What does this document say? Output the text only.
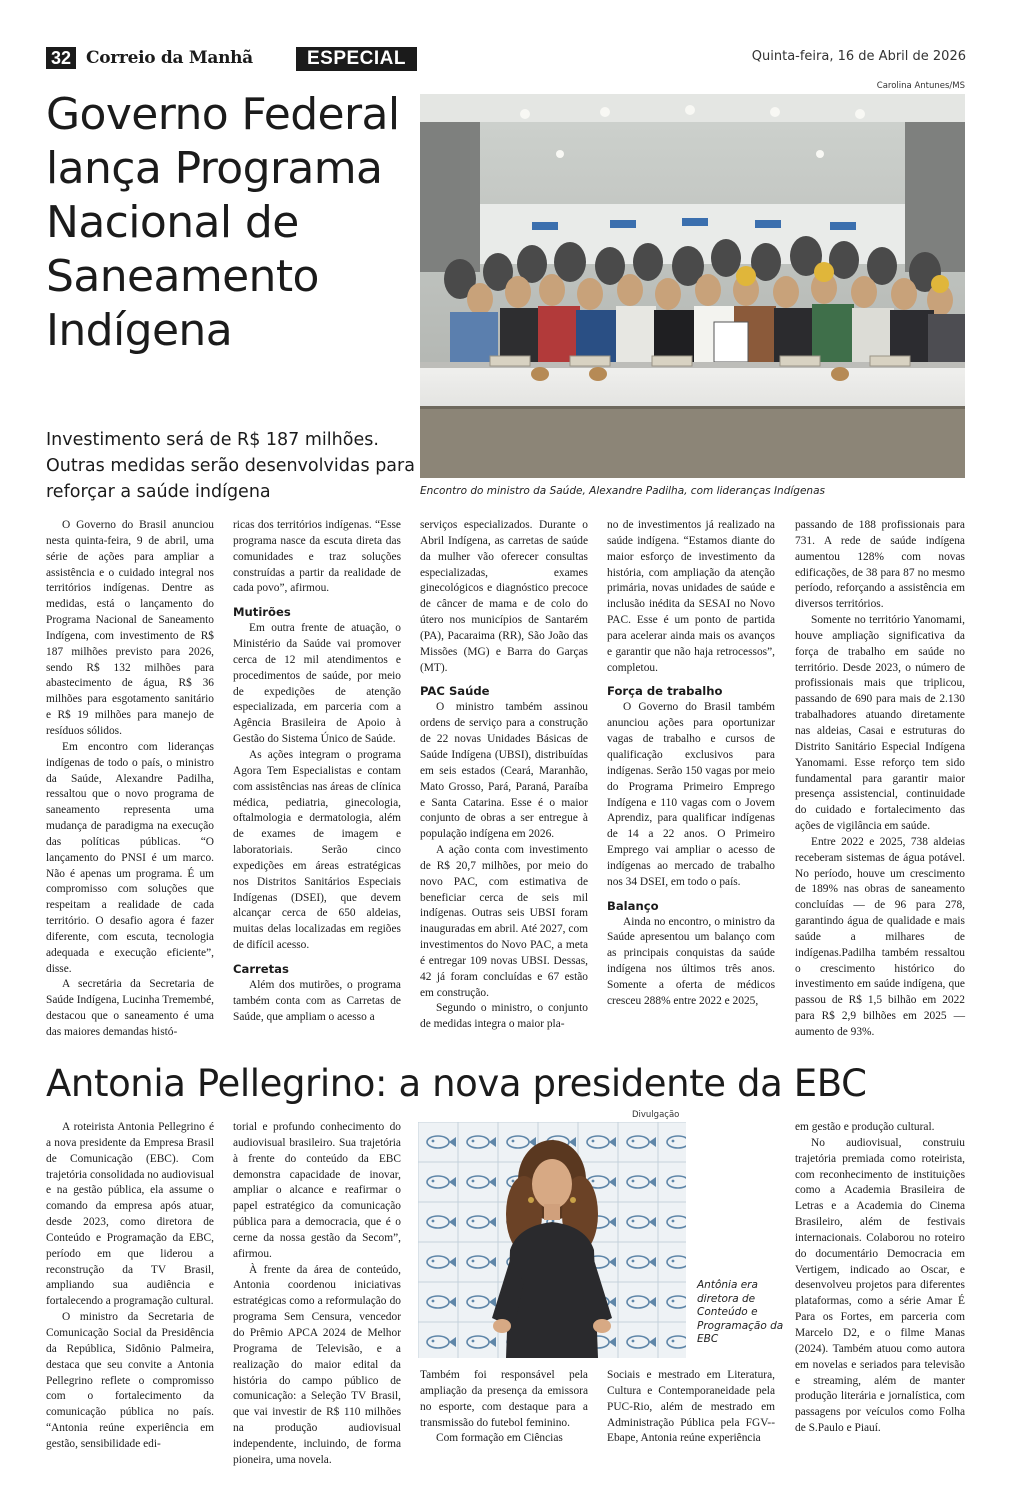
32 Correio da Manhã	ESPECIAL	Quinta-feira, 16 de Abril de 2026
Governo Federal lança Programa Nacional de Saneamento Indígena
Investimento será de R$ 187 milhões. Outras medidas serão desenvolvidas para reforçar a saúde indígena
Carolina Antunes/MS
Encontro do ministro da Saúde, Alexandre Padilha, com lideranças Indígenas

O Governo do Brasil anunciou nesta quinta-feira, 9 de abril, uma série de ações para ampliar a assistência e o cuidado integral nos territórios indígenas. Dentre as medidas, está o lançamento do Programa Nacional de Saneamento Indígena, com investimento de R$ 187 milhões previsto para 2026, sendo R$ 132 milhões para abastecimento de água, R$ 36 milhões para esgotamento sanitário e R$ 19 milhões para manejo de resíduos sólidos.

Em encontro com lideranças indígenas de todo o país, o ministro da Saúde, Alexandre Padilha, ressaltou que o novo programa de saneamento representa uma mudança de paradigma na execução das políticas públicas. “O lançamento do PNSI é um marco. Não é apenas um programa. É um compromisso com soluções que respeitam a realidade de cada território. O desafio agora é fazer diferente, com escuta, tecnologia adequada e execução eficiente”, disse.

A secretária da Secretaria de Saúde Indígena, Lucinha Tremembé, destacou que o saneamento é uma das maiores demandas histó-

ricas dos territórios indígenas. “Esse programa nasce da escuta direta das comunidades e traz soluções construídas a partir da realidade de cada povo”, afirmou.

Mutirões

Em outra frente de atuação, o Ministério da Saúde vai promover cerca de 12 mil atendimentos e procedimentos de saúde, por meio de expedições de atenção especializada, em parceria com a Agência Brasileira de Apoio à Gestão do Sistema Único de Saúde.

As ações integram o programa Agora Tem Especialistas e contam com assistências nas áreas de clínica médica, pediatria, ginecologia, oftalmologia e dermatologia, além de exames de imagem e laboratoriais. Serão cinco expedições em áreas estratégicas nos Distritos Sanitários Especiais Indígenas (DSEI), que devem alcançar cerca de 650 aldeias, muitas delas localizadas em regiões de difícil acesso.

Carretas

Além dos mutirões, o programa também conta com as Carretas de Saúde, que ampliam o acesso a

serviços especializados. Durante o Abril Indígena, as carretas de saúde da mulher vão oferecer consultas especializadas, exames ginecológicos e diagnóstico precoce de câncer de mama e de colo do útero nos municípios de Santarém (PA), Pacaraima (RR), São João das Missões (MG) e Barra do Garças (MT).

PAC Saúde

O ministro também assinou ordens de serviço para a construção de 22 novas Unidades Básicas de Saúde Indígena (UBSI), distribuídas em seis estados (Ceará, Maranhão, Mato Grosso, Pará, Paraná, Paraíba e Santa Catarina. Esse é o maior conjunto de obras a ser entregue à população indígena em 2026.

A ação conta com investimento de R$ 20,7 milhões, por meio do novo PAC, com estimativa de beneficiar cerca de seis mil indígenas. Outras seis UBSI foram inauguradas em abril. Até 2027, com investimentos do Novo PAC, a meta é entregar 109 novas UBSI. Dessas, 42 já foram concluídas e 67 estão em construção.

Segundo o ministro, o conjunto de medidas integra o maior pla-

no de investimentos já realizado na saúde indígena. “Estamos diante do maior esforço de investimento da história, com ampliação da atenção primária, novas unidades de saúde e inclusão inédita da SESAI no Novo PAC. Esse é um ponto de partida para acelerar ainda mais os avanços e garantir que não haja retrocessos”, completou.

Força de trabalho

O Governo do Brasil também anunciou ações para oportunizar vagas de trabalho e cursos de qualificação exclusivos para indígenas. Serão 150 vagas por meio do Programa Primeiro Emprego Indígena e 110 vagas com o Jovem Aprendiz, para qualificar indígenas de 14 a 22 anos. O Primeiro Emprego vai ampliar o acesso de indígenas ao mercado de trabalho nos 34 DSEI, em todo o país.

Balanço

Ainda no encontro, o ministro da Saúde apresentou um balanço com as principais conquistas da saúde indígena nos últimos três anos. Somente a oferta de médicos cresceu 288% entre 2022 e 2025,

passando de 188 profissionais para 731. A rede de saúde indígena aumentou 128% com novas edificações, de 38 para 87 no mesmo período, reforçando a assistência em diversos territórios.

Somente no território Yanomami, houve ampliação significativa da força de trabalho em saúde no território. Desde 2023, o número de profissionais mais que triplicou, passando de 690 para mais de 2.130 trabalhadores atuando diretamente nas aldeias, Casai e estruturas do Distrito Sanitário Especial Indígena Yanomami. Esse reforço tem sido fundamental para garantir maior presença assistencial, continuidade do cuidado e fortalecimento das ações de vigilância em saúde.

Entre 2022 e 2025, 738 aldeias receberam sistemas de água potável. No período, houve um crescimento de 189% nas obras de saneamento concluídas — de 96 para 278, garantindo água de qualidade e mais saúde a milhares de indígenas.Padilha também ressaltou o crescimento histórico do investimento em saúde indígena, que passou de R$ 1,5 bilhão em 2022 para R$ 2,9 bilhões em 2025 — aumento de 93%.

Antonia Pellegrino: a nova presidente da EBC

A roteirista Antonia Pellegrino é a nova presidente da Empresa Brasil de Comunicação (EBC). Com trajetória consolidada no audiovisual e na gestão pública, ela assume o comando da empresa após atuar, desde 2023, como diretora de Conteúdo e Programação da EBC, período em que liderou a reconstrução da TV Brasil, ampliando sua audiência e fortalecendo a programação cultural.

O ministro da Secretaria de Comunicação Social da Presidência da República, Sidônio Palmeira, destaca que seu convite a Antonia Pellegrino reflete o compromisso com o fortalecimento da comunicação pública no país. “Antonia reúne experiência em gestão, sensibilidade edi-

torial e profundo conhecimento do audiovisual brasileiro. Sua trajetória à frente do conteúdo da EBC demonstra capacidade de inovar, ampliar o alcance e reafirmar o papel estratégico da comunicação pública para a democracia, que é o cerne da nossa gestão da Secom”, afirmou.

À frente da área de conteúdo, Antonia coordenou iniciativas estratégicas como a reformulação do programa Sem Censura, vencedor do Prêmio APCA 2024 de Melhor Programa de Televisão, e a realização do maior edital da história do campo público de comunicação: a Seleção TV Brasil, que vai investir de R$ 110 milhões na produção audiovisual independente, incluindo, de forma pioneira, uma novela.

Divulgação
Antônia era diretora de Conteúdo e Programação da EBC

Também foi responsável pela ampliação da presença da emissora no esporte, com destaque para a transmissão do futebol feminino.

Com formação em Ciências

Sociais e mestrado em Literatura, Cultura e Contemporaneidade pela PUC-Rio, além de mestrado em Administração Pública pela FGV--Ebape, Antonia reúne experiência

em gestão e produção cultural.

No audiovisual, construiu trajetória premiada como roteirista, com reconhecimento de instituições como a Academia Brasileira de Letras e a Academia do Cinema Brasileiro, além de festivais internacionais. Colaborou no roteiro do documentário Democracia em Vertigem, indicado ao Oscar, e desenvolveu projetos para diferentes plataformas, como a série Amar É Para os Fortes, em parceria com Marcelo D2, e o filme Manas (2024). Também atuou como autora em novelas e seriados para televisão e streaming, além de manter produção literária e jornalística, com passagens por veículos como Folha de S.Paulo e Piauí.
